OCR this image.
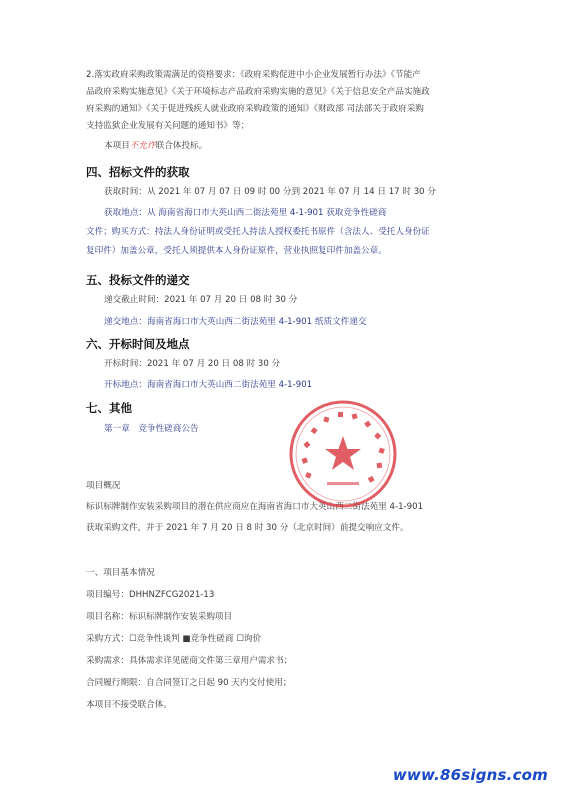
2.落实政府采购政策需满足的资格要求：《政府采购促进中小企业发展暂行办法》《节能产
品政府采购实施意见》《关于环境标志产品政府采购实施的意见》《关于信息安全产品实施政
府采购的通知》《关于促进残疾人就业政府采购政策的通知》《财政部 司法部关于政府采购
支持监狱企业发展有关问题的通知书》等；
本项目不允许联合体投标。
四、招标文件的获取
获取时间：从 2021 年 07 月 07 日 09 时 00 分到 2021 年 07 月 14 日 17 时 30 分
获取地点：从 海南省海口市大英山西二街法苑里 4-1-901 获取竞争性磋商
文件；购买方式：持法人身份证明或受托人持法人授权委托书原件（含法人、受托人身份证
复印件）加盖公章，受托人须提供本人身份证原件，营业执照复印件加盖公章。
五、投标文件的递交
递交截止时间：2021 年 07 月 20 日 08 时 30 分
递交地点：海南省海口市大英山西二街法苑里 4-1-901 纸质文件递交
六、开标时间及地点
开标时间：2021 年 07 月 20 日 08 时 30 分
开标地点：海南省海口市大英山西二街法苑里 4-1-901
七、其他
第一章　竞争性磋商公告
项目概况
标识标牌制作安装采购项目的潜在供应商应在海南省海口市大英山西二街法苑里 4-1-901
获取采购文件，并于 2021 年 7 月 20 日 8 时 30 分（北京时间）前提交响应文件。
一、项目基本情况
项目编号：DHHNZFCG2021-13
项目名称：标识标牌制作安装采购项目
采购方式：☐竞争性谈判 ■竞争性磋商 ☐询价
采购需求：具体需求详见磋商文件第三章用户需求书；
合同履行期限：自合同签订之日起 90 天内交付使用；
本项目不接受联合体。
www.86signs.com
